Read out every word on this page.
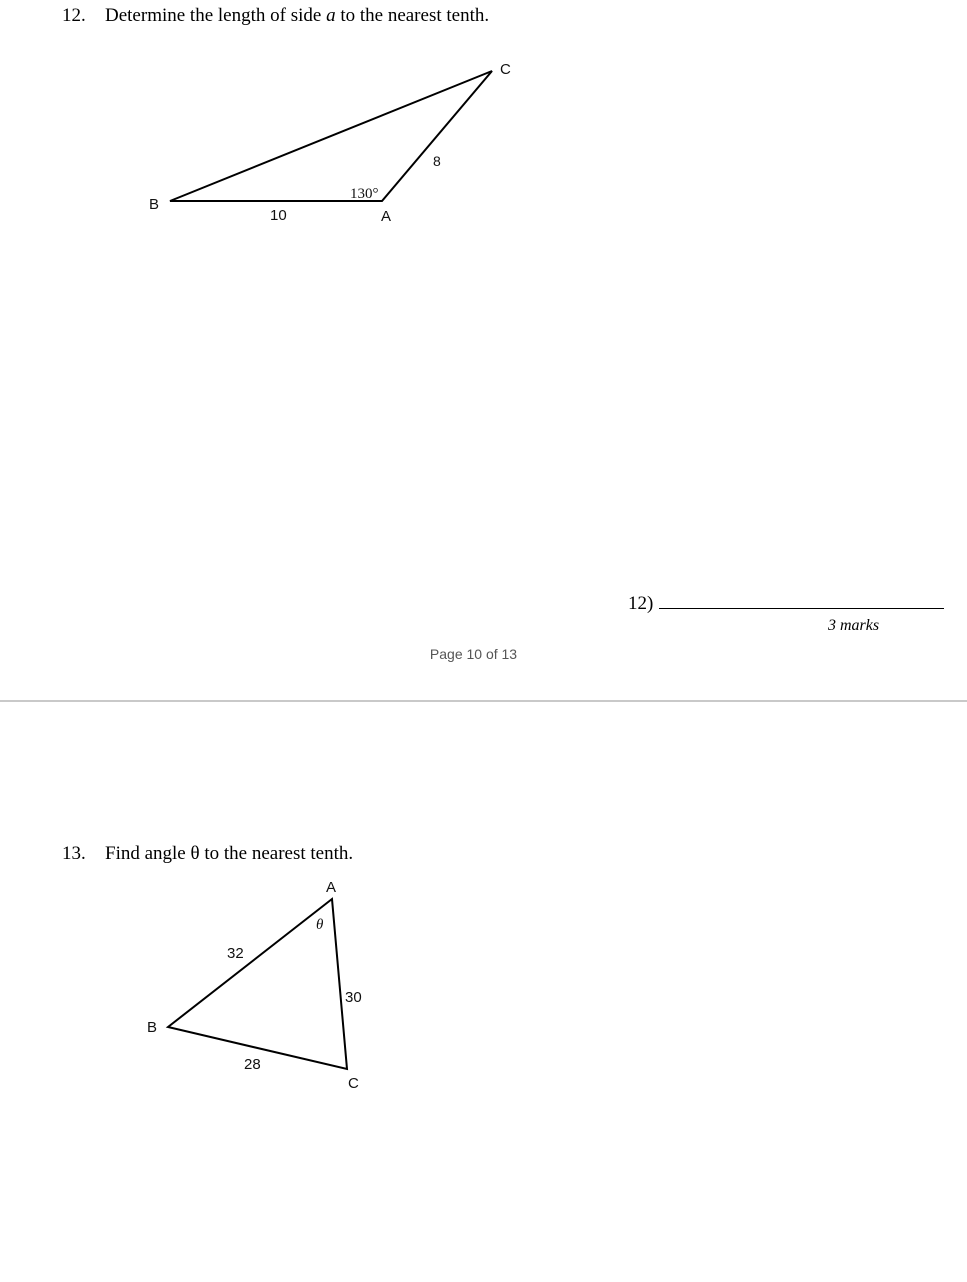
12. Determine the length of side a to the nearest tenth.
B
A
C
10
8
130°
12)
3 marks
Page 10 of 13
13. Find angle θ to the nearest tenth.
A
B
C
32
30
28
θ
